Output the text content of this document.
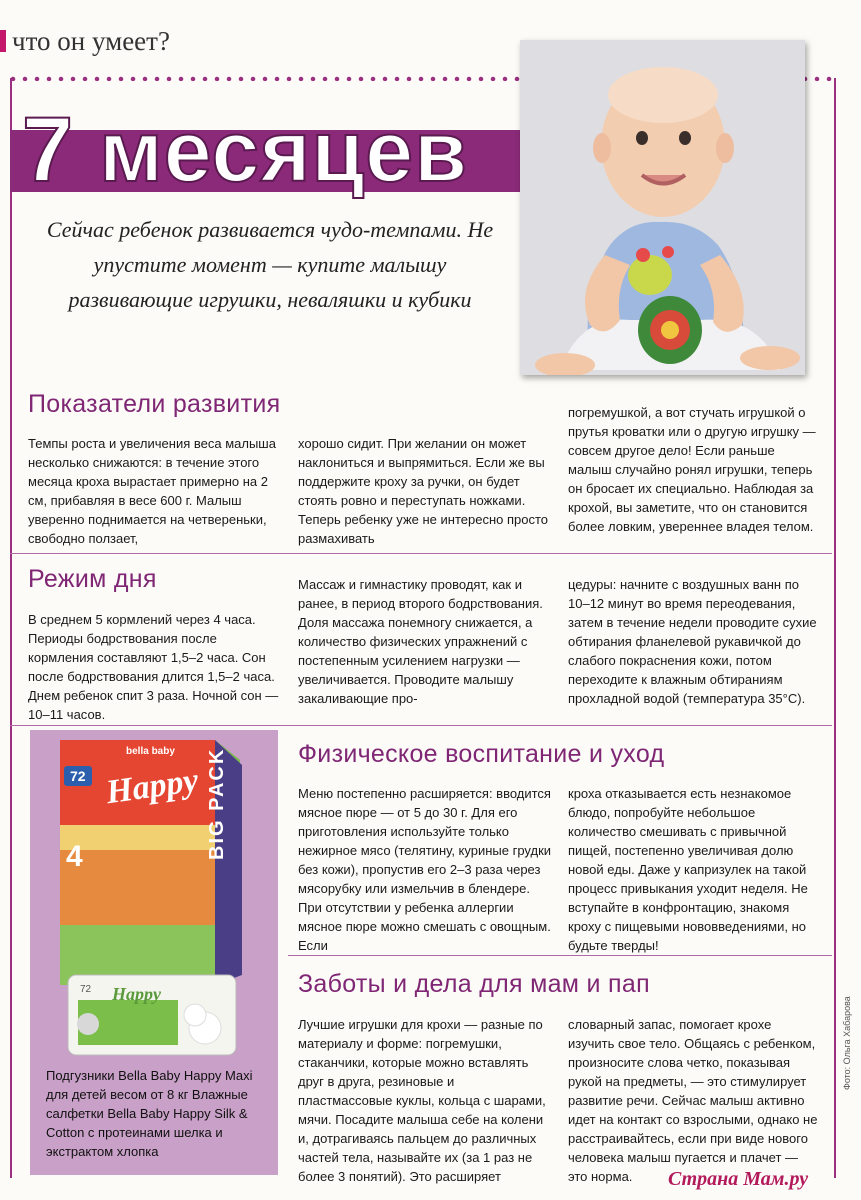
что он умеет?
7 месяцев
Сейчас ребенок развивается чудо-темпами. Не упустите момент — купите малышу развивающие игрушки, неваляшки и кубики
Показатели развития
Темпы роста и увеличения веса малыша несколько снижаются: в течение этого месяца кроха вырастает примерно на 2 см, прибавляя в весе 600 г. Малыш уверенно поднимается на четвереньки, свободно ползает,
хорошо сидит. При желании он может наклониться и выпрямиться. Если же вы поддержите кроху за ручки, он будет стоять ровно и переступать ножками. Теперь ребенку уже не интересно просто размахивать
погремушкой, а вот стучать игрушкой о прутья кроватки или о другую игрушку — совсем другое дело! Если раньше малыш случайно ронял игрушки, теперь он бросает их специально. Наблюдая за крохой, вы заметите, что он становится более ловким, увереннее владея телом.
Режим дня
В среднем 5 кормлений через 4 часа. Периоды бодрствования после кормления составляют 1,5–2 часа. Сон после бодрствования длится 1,5–2 часа. Днем ребенок спит 3 раза. Ночной сон — 10–11 часов.
Массаж и гимнастику проводят, как и ранее, в период второго бодрствования. Доля массажа понемногу снижается, а количество физических упражнений с постепенным усилением нагрузки — увеличивается. Проводите малышу закаливающие про-
цедуры: начните с воздушных ванн по 10–12 минут во время переодевания, затем в течение недели проводите сухие обтирания фланелевой рукавичкой до слабого покраснения кожи, потом переходите к влажным обтираниям прохладной водой (температура 35°С).
72
bella baby
Happy
4	BIG PACK
72 Happy
Подгузники Bella Baby Happy Maxi для детей весом от 8 кг Влажные салфетки Bella Baby Happy Silk & Cotton с протеинами шелка и экстрактом хлопка
Физическое воспитание и уход
Меню постепенно расширяется: вводится мясное пюре — от 5 до 30 г. Для его приготовления используйте только нежирное мясо (телятину, куриные грудки без кожи), пропустив его 2–3 раза через мясорубку или измельчив в блендере. При отсутствии у ребенка аллергии мясное пюре можно смешать с овощным. Если
кроха отказывается есть незнакомое блюдо, попробуйте небольшое количество смешивать с привычной пищей, постепенно увеличивая долю новой еды. Даже у капризулек на такой процесс привыкания уходит неделя. Не вступайте в конфронтацию, знакомя кроху с пищевыми нововведениями, но будьте тверды!
Заботы и дела для мам и пап
Лучшие игрушки для крохи — разные по материалу и форме: погремушки, стаканчики, которые можно вставлять друг в друга, резиновые и пластмассовые куклы, кольца с шарами, мячи. Посадите малыша себе на колени и, дотрагиваясь пальцем до различных частей тела, называйте их (за 1 раз не более 3 понятий). Это расширяет
словарный запас, помогает крохе изучить свое тело. Общаясь с ребенком, произносите слова четко, показывая рукой на предметы, — это стимулирует развитие речи. Сейчас малыш активно идет на контакт со взрослыми, однако не расстраивайтесь, если при виде нового человека малыш пугается и плачет — это норма.
Фото: Ольга Хабарова
Страна Мам.ру
